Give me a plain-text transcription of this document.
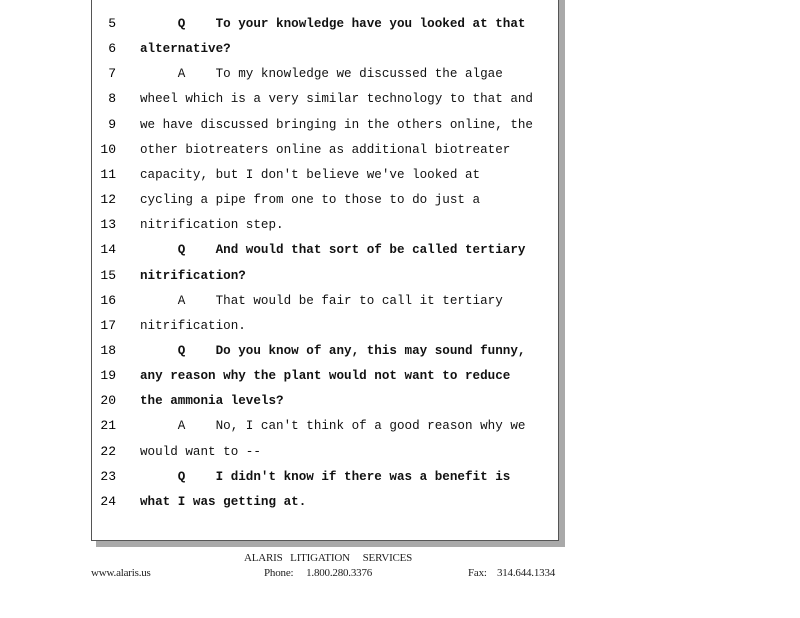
5 Q    To your knowledge have you looked at that
6 alternative?
7 A    To my knowledge we discussed the algae
8 wheel which is a very similar technology to that and
9 we have discussed bringing in the others online, the
10 other biotreaters online as additional biotreater
11 capacity, but I don't believe we've looked at
12 cycling a pipe from one to those to do just a
13 nitrification step.
14 Q    And would that sort of be called tertiary
15 nitrification?
16 A    That would be fair to call it tertiary
17 nitrification.
18 Q    Do you know of any, this may sound funny,
19 any reason why the plant would not want to reduce
20 the ammonia levels?
21 A    No, I can't think of a good reason why we
22 would want to --
23 Q    I didn't know if there was a benefit is
24 what I was getting at.
ALARIS   LITIGATION     SERVICES
www.alaris.us	Phone:     1.800.280.3376	Fax:    314.644.1334
